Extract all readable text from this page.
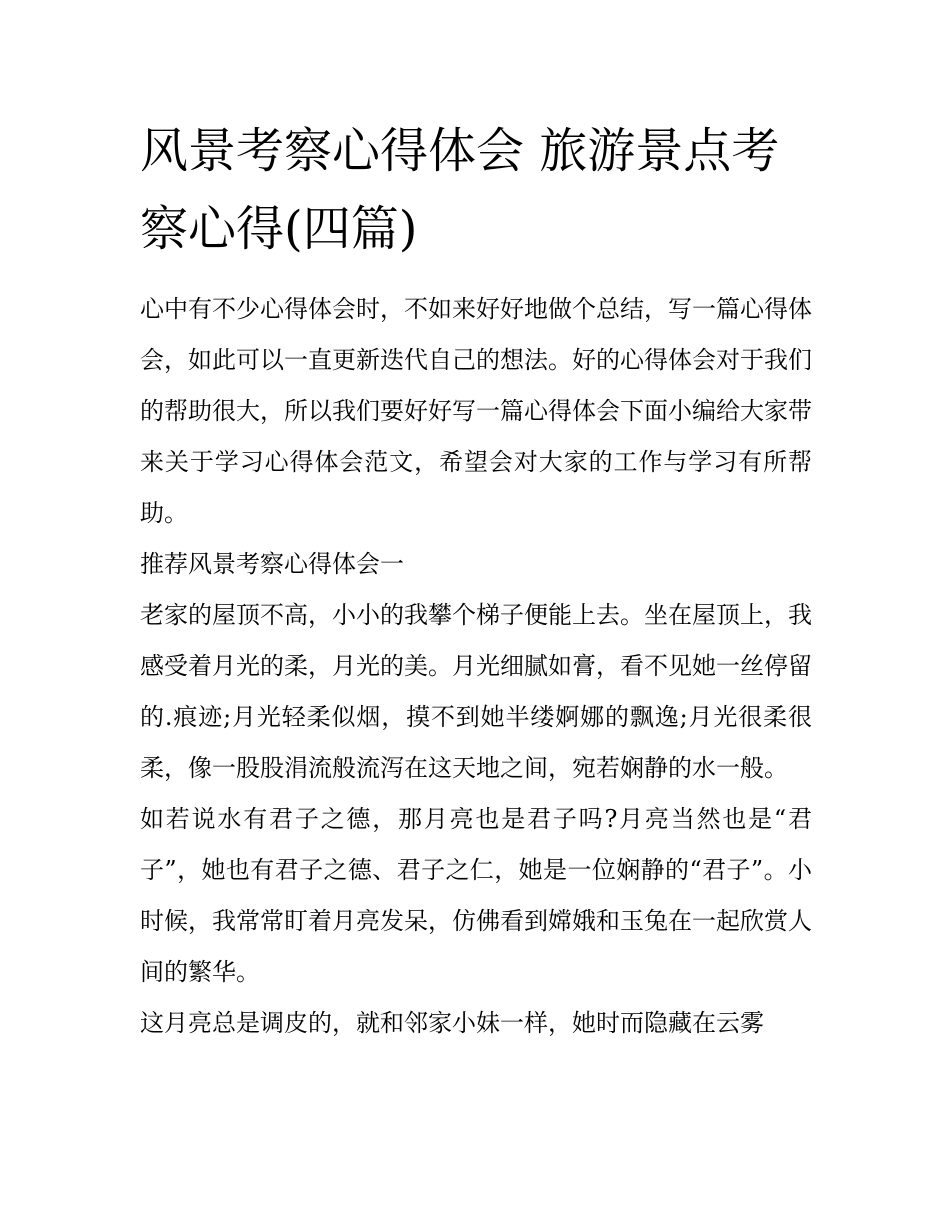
风景考察心得体会 旅游景点考察心得(四篇)

心中有不少心得体会时，不如来好好地做个总结，写一篇心得体会，如此可以一直更新迭代自己的想法。好的心得体会对于我们的帮助很大，所以我们要好好写一篇心得体会下面小编给大家带来关于学习心得体会范文，希望会对大家的工作与学习有所帮助。

推荐风景考察心得体会一

老家的屋顶不高，小小的我攀个梯子便能上去。坐在屋顶上，我感受着月光的柔，月光的美。月光细腻如膏，看不见她一丝停留的.痕迹;月光轻柔似烟，摸不到她半缕婀娜的飘逸;月光很柔很柔，像一股股涓流般流泻在这天地之间，宛若娴静的水一般。

如若说水有君子之德，那月亮也是君子吗?月亮当然也是“君子”，她也有君子之德、君子之仁，她是一位娴静的“君子”。小时候，我常常盯着月亮发呆，仿佛看到嫦娥和玉兔在一起欣赏人间的繁华。

这月亮总是调皮的，就和邻家小妹一样，她时而隐藏在云雾
